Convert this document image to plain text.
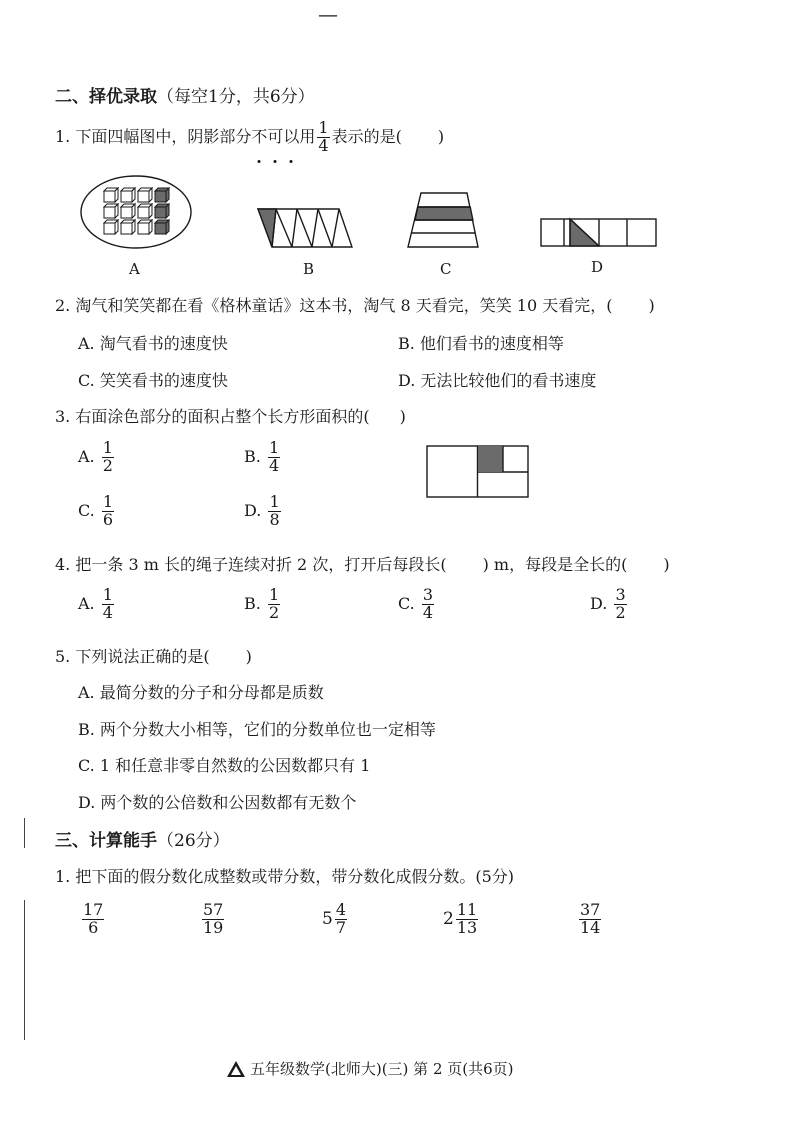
—
二、择优录取（每空1分，共6分）
1. 下面四幅图中，阴影部分不可以用 $\frac{1}{4}$ 表示的是( )
A	B	C	D
2. 淘气和笑笑都在看《格林童话》这本书，淘气 8 天看完，笑笑 10 天看完，( )
A. 淘气看书的速度快	B. 他们看书的速度相等
C. 笑笑看书的速度快	D. 无法比较他们的看书速度
3. 右面涂色部分的面积占整个长方形面积的( )
A. $\frac{1}{2}$	B. $\frac{1}{4}$
C. $\frac{1}{6}$	D. $\frac{1}{8}$
4. 把一条 3 m 长的绳子连续对折 2 次，打开后每段长( ) m，每段是全长的( )
A. $\frac{1}{4}$	B. $\frac{1}{2}$	C. $\frac{3}{4}$	D. $\frac{3}{2}$
5. 下列说法正确的是( )
A. 最简分数的分子和分母都是质数
B. 两个分数大小相等，它们的分数单位也一定相等
C. 1 和任意非零自然数的公因数都只有 1
D. 两个数的公倍数和公因数都有无数个
三、计算能手（26分）
1. 把下面的假分数化成整数或带分数，带分数化成假分数。(5分)
$\frac{17}{6}$	$\frac{57}{19}$	$5 \frac{4}{7}$	$2 \frac{11}{13}$	$\frac{37}{14}$
五年级数学(北师大)(三) 第 2 页(共6页)
